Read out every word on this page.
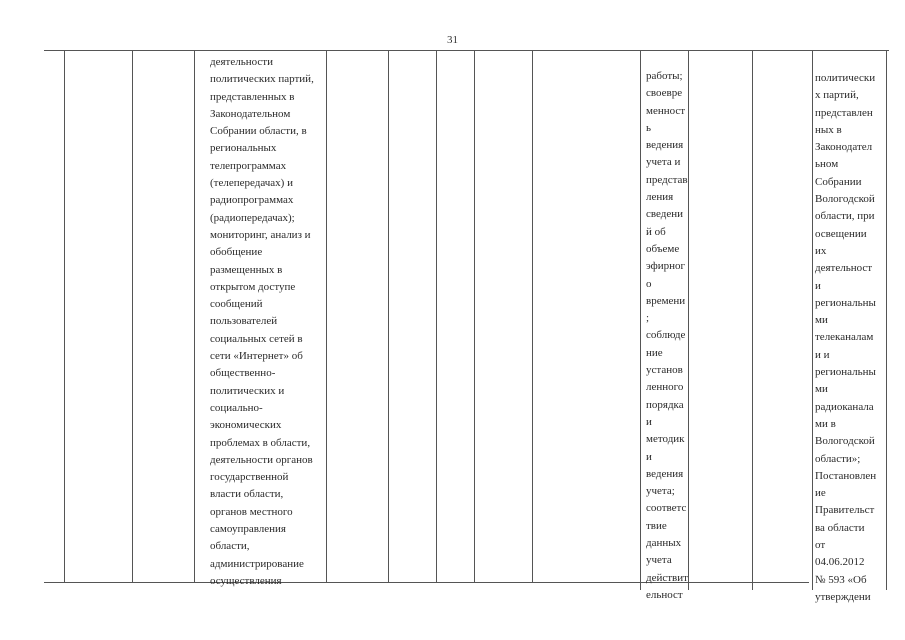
31
деятельности
политических партий,
представленных в
Законодательном
Собрании области, в
региональных
телепрограммах
(телепередачах) и
радиопрограммах
(радиопередачах);
мониторинг, анализ и
обобщение
размещенных в
открытом доступе
сообщений
пользователей
социальных сетей в
сети «Интернет» об
общественно-
политических и
социально-
экономических
проблемах в области,
деятельности органов
государственной
власти области,
органов местного
самоуправления
области,
администрирование
осуществления
работы;
своевре
менност
ь
ведения
учета и
представ
ления
сведени
й об
объеме
эфирног
о
времени
;
соблюде
ние
установ
ленного
порядка
и
методик
и
ведения
учета;
соответс
твие
данных
учета
действит
ельност
политически
х партий,
представлен
ных в
Законодател
ьном
Собрании
Вологодской
области, при
освещении
их
деятельност
и
региональны
ми
телеканалам
и и
региональны
ми
радиоканала
ми в
Вологодской
области»;
Постановлен
ие
Правительст
ва области
от
04.06.2012
№ 593 «Об
утверждени
